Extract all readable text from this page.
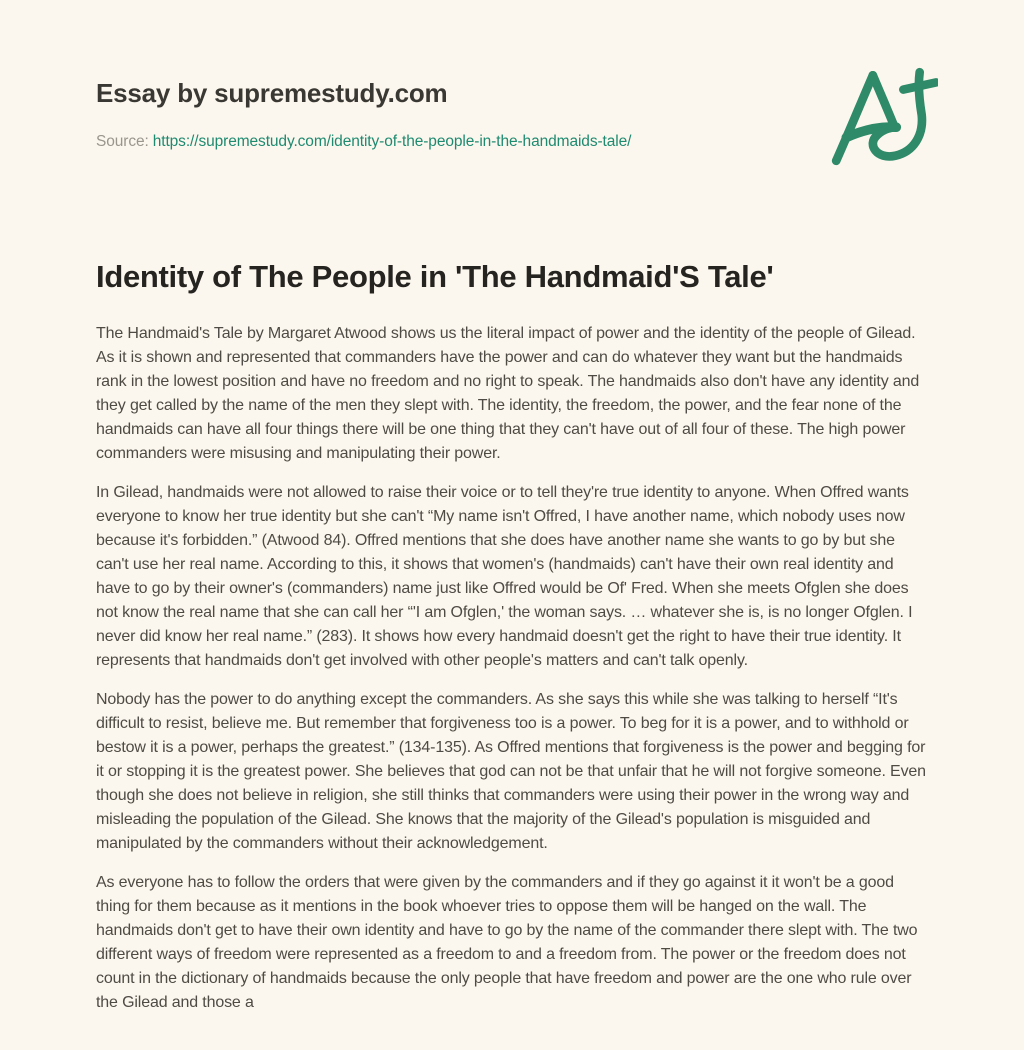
Essay by supremestudy.com
Source: https://supremestudy.com/identity-of-the-people-in-the-handmaids-tale/
Identity of The People in 'The Handmaid'S Tale'

The Handmaid's Tale by Margaret Atwood shows us the literal impact of power and the identity of the people of Gilead. As it is shown and represented that commanders have the power and can do whatever they want but the handmaids rank in the lowest position and have no freedom and no right to speak. The handmaids also don't have any identity and they get called by the name of the men they slept with. The identity, the freedom, the power, and the fear none of the handmaids can have all four things there will be one thing that they can't have out of all four of these. The high power commanders were misusing and manipulating their power.

In Gilead, handmaids were not allowed to raise their voice or to tell they're true identity to anyone. When Offred wants everyone to know her true identity but she can't “My name isn't Offred, I have another name, which nobody uses now because it's forbidden.” (Atwood 84). Offred mentions that she does have another name she wants to go by but she can't use her real name. According to this, it shows that women's (handmaids) can't have their own real identity and have to go by their owner's (commanders) name just like Offred would be Of' Fred. When she meets Ofglen she does not know the real name that she can call her “'I am Ofglen,' the woman says. … whatever she is, is no longer Ofglen. I never did know her real name.” (283). It shows how every handmaid doesn't get the right to have their true identity. It represents that handmaids don't get involved with other people's matters and can't talk openly.

Nobody has the power to do anything except the commanders. As she says this while she was talking to herself “It's difficult to resist, believe me. But remember that forgiveness too is a power. To beg for it is a power, and to withhold or bestow it is a power, perhaps the greatest.” (134-135). As Offred mentions that forgiveness is the power and begging for it or stopping it is the greatest power. She believes that god can not be that unfair that he will not forgive someone. Even though she does not believe in religion, she still thinks that commanders were using their power in the wrong way and misleading the population of the Gilead. She knows that the majority of the Gilead's population is misguided and manipulated by the commanders without their acknowledgement.

As everyone has to follow the orders that were given by the commanders and if they go against it it won't be a good thing for them because as it mentions in the book whoever tries to oppose them will be hanged on the wall. The handmaids don't get to have their own identity and have to go by the name of the commander there slept with. The two different ways of freedom were represented as a freedom to and a freedom from. The power or the freedom does not count in the dictionary of handmaids because the only people that have freedom and power are the one who rule over the Gilead and those a
